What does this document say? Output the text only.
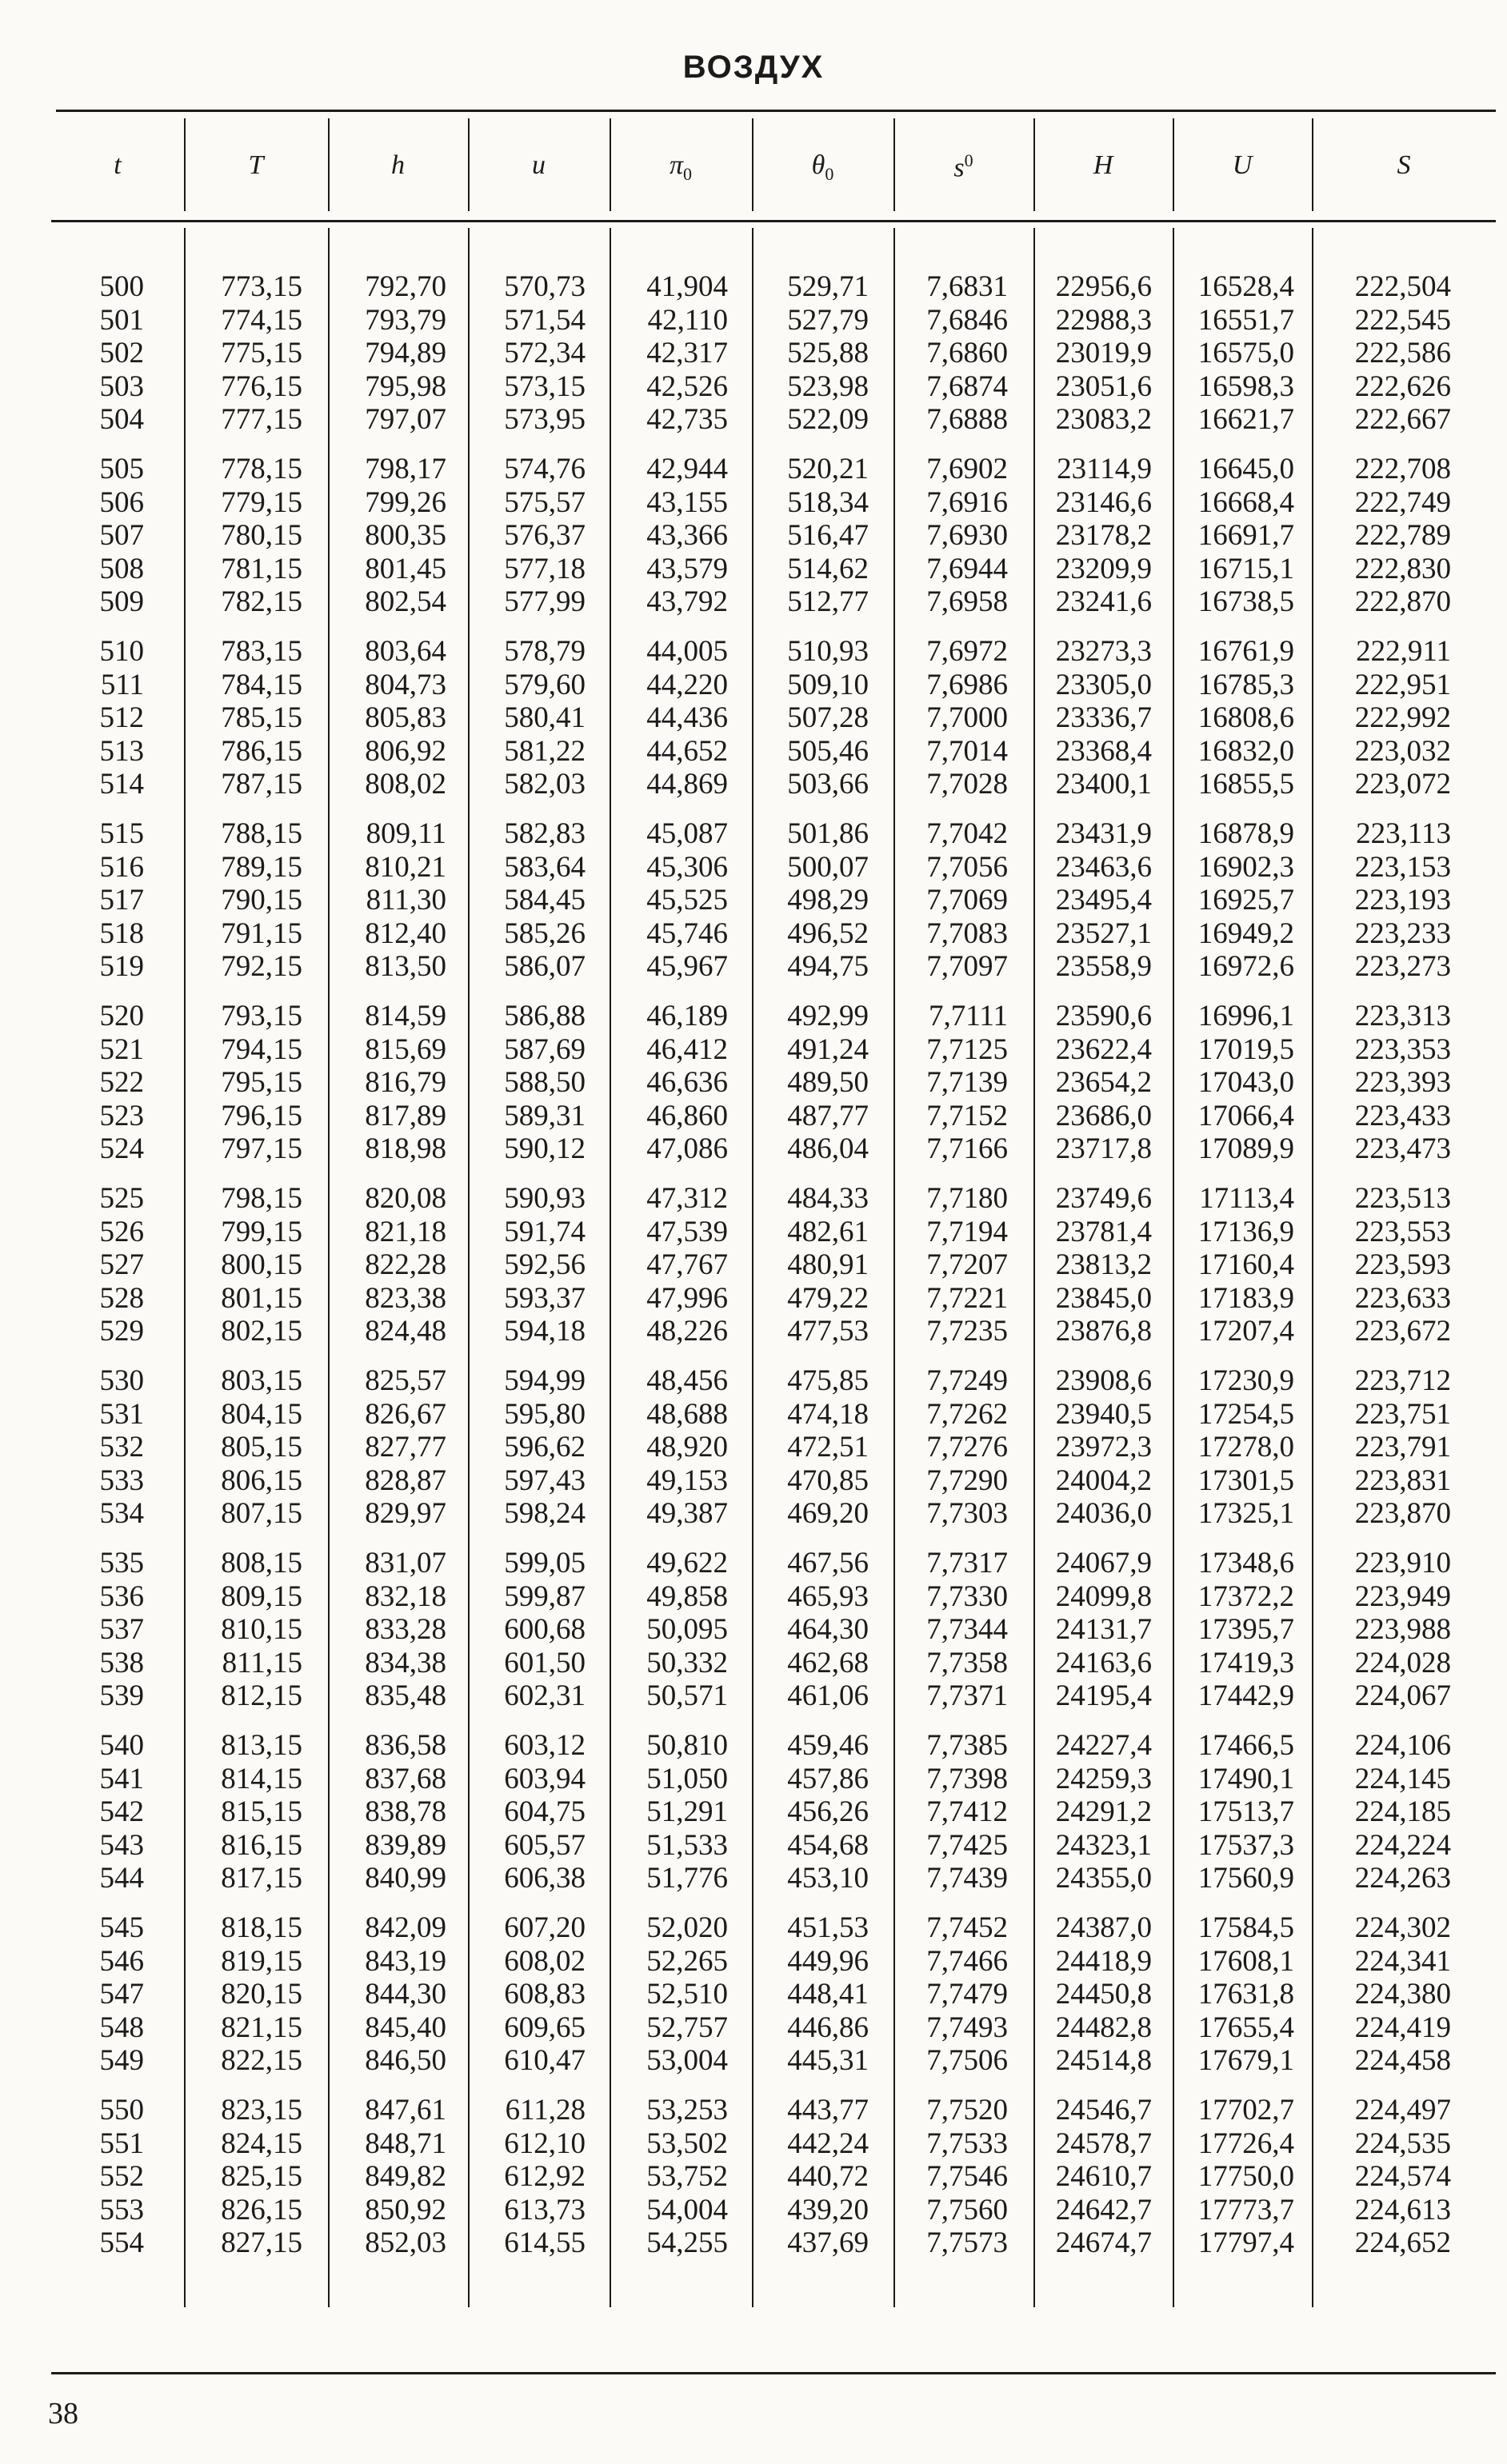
ВОЗДУХ
t	T	h	u	$\pi_0$	$\theta_0$	$s^0$	H	U	S
500	773,15	792,70	570,73	41,904	529,71	7,6831	22956,6	16528,4	222,504
501	774,15	793,79	571,54	42,110	527,79	7,6846	22988,3	16551,7	222,545
502	775,15	794,89	572,34	42,317	525,88	7,6860	23019,9	16575,0	222,586
503	776,15	795,98	573,15	42,526	523,98	7,6874	23051,6	16598,3	222,626
504	777,15	797,07	573,95	42,735	522,09	7,6888	23083,2	16621,7	222,667
505	778,15	798,17	574,76	42,944	520,21	7,6902	23114,9	16645,0	222,708
506	779,15	799,26	575,57	43,155	518,34	7,6916	23146,6	16668,4	222,749
507	780,15	800,35	576,37	43,366	516,47	7,6930	23178,2	16691,7	222,789
508	781,15	801,45	577,18	43,579	514,62	7,6944	23209,9	16715,1	222,830
509	782,15	802,54	577,99	43,792	512,77	7,6958	23241,6	16738,5	222,870
510	783,15	803,64	578,79	44,005	510,93	7,6972	23273,3	16761,9	222,911
511	784,15	804,73	579,60	44,220	509,10	7,6986	23305,0	16785,3	222,951
512	785,15	805,83	580,41	44,436	507,28	7,7000	23336,7	16808,6	222,992
513	786,15	806,92	581,22	44,652	505,46	7,7014	23368,4	16832,0	223,032
514	787,15	808,02	582,03	44,869	503,66	7,7028	23400,1	16855,5	223,072
515	788,15	809,11	582,83	45,087	501,86	7,7042	23431,9	16878,9	223,113
516	789,15	810,21	583,64	45,306	500,07	7,7056	23463,6	16902,3	223,153
517	790,15	811,30	584,45	45,525	498,29	7,7069	23495,4	16925,7	223,193
518	791,15	812,40	585,26	45,746	496,52	7,7083	23527,1	16949,2	223,233
519	792,15	813,50	586,07	45,967	494,75	7,7097	23558,9	16972,6	223,273
520	793,15	814,59	586,88	46,189	492,99	7,7111	23590,6	16996,1	223,313
521	794,15	815,69	587,69	46,412	491,24	7,7125	23622,4	17019,5	223,353
522	795,15	816,79	588,50	46,636	489,50	7,7139	23654,2	17043,0	223,393
523	796,15	817,89	589,31	46,860	487,77	7,7152	23686,0	17066,4	223,433
524	797,15	818,98	590,12	47,086	486,04	7,7166	23717,8	17089,9	223,473
525	798,15	820,08	590,93	47,312	484,33	7,7180	23749,6	17113,4	223,513
526	799,15	821,18	591,74	47,539	482,61	7,7194	23781,4	17136,9	223,553
527	800,15	822,28	592,56	47,767	480,91	7,7207	23813,2	17160,4	223,593
528	801,15	823,38	593,37	47,996	479,22	7,7221	23845,0	17183,9	223,633
529	802,15	824,48	594,18	48,226	477,53	7,7235	23876,8	17207,4	223,672
530	803,15	825,57	594,99	48,456	475,85	7,7249	23908,6	17230,9	223,712
531	804,15	826,67	595,80	48,688	474,18	7,7262	23940,5	17254,5	223,751
532	805,15	827,77	596,62	48,920	472,51	7,7276	23972,3	17278,0	223,791
533	806,15	828,87	597,43	49,153	470,85	7,7290	24004,2	17301,5	223,831
534	807,15	829,97	598,24	49,387	469,20	7,7303	24036,0	17325,1	223,870
535	808,15	831,07	599,05	49,622	467,56	7,7317	24067,9	17348,6	223,910
536	809,15	832,18	599,87	49,858	465,93	7,7330	24099,8	17372,2	223,949
537	810,15	833,28	600,68	50,095	464,30	7,7344	24131,7	17395,7	223,988
538	811,15	834,38	601,50	50,332	462,68	7,7358	24163,6	17419,3	224,028
539	812,15	835,48	602,31	50,571	461,06	7,7371	24195,4	17442,9	224,067
540	813,15	836,58	603,12	50,810	459,46	7,7385	24227,4	17466,5	224,106
541	814,15	837,68	603,94	51,050	457,86	7,7398	24259,3	17490,1	224,145
542	815,15	838,78	604,75	51,291	456,26	7,7412	24291,2	17513,7	224,185
543	816,15	839,89	605,57	51,533	454,68	7,7425	24323,1	17537,3	224,224
544	817,15	840,99	606,38	51,776	453,10	7,7439	24355,0	17560,9	224,263
545	818,15	842,09	607,20	52,020	451,53	7,7452	24387,0	17584,5	224,302
546	819,15	843,19	608,02	52,265	449,96	7,7466	24418,9	17608,1	224,341
547	820,15	844,30	608,83	52,510	448,41	7,7479	24450,8	17631,8	224,380
548	821,15	845,40	609,65	52,757	446,86	7,7493	24482,8	17655,4	224,419
549	822,15	846,50	610,47	53,004	445,31	7,7506	24514,8	17679,1	224,458
550	823,15	847,61	611,28	53,253	443,77	7,7520	24546,7	17702,7	224,497
551	824,15	848,71	612,10	53,502	442,24	7,7533	24578,7	17726,4	224,535
552	825,15	849,82	612,92	53,752	440,72	7,7546	24610,7	17750,0	224,574
553	826,15	850,92	613,73	54,004	439,20	7,7560	24642,7	17773,7	224,613
554	827,15	852,03	614,55	54,255	437,69	7,7573	24674,7	17797,4	224,652
38
